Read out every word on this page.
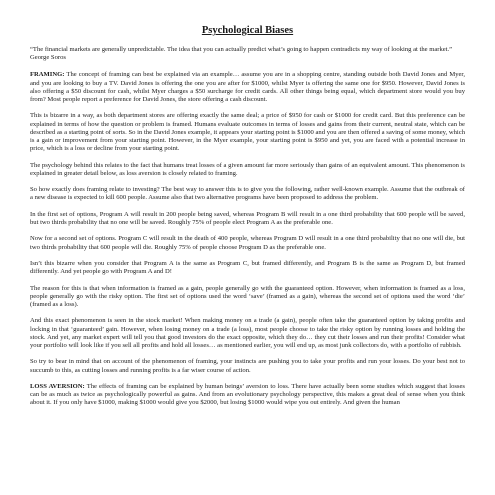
Psychological Biases
“The financial markets are generally unpredictable. The idea that you can actually predict what’s going to happen contradicts my way of looking at the market.” George Soros

FRAMING: The concept of framing can best be explained via an example… assume you are in a shopping centre, standing outside both David Jones and Myer, and you are looking to buy a TV. David Jones is offering the one you are after for $1000, whilst Myer is offering the same one for $950. However, David Jones is also offering a $50 discount for cash, whilst Myer charges a $50 surcharge for credit cards. All other things being equal, which department store would you buy from? Most people report a preference for David Jones, the store offering a cash discount.

This is bizarre in a way, as both department stores are offering exactly the same deal; a price of $950 for cash or $1000 for credit card. But this preference can be explained in terms of how the question or problem is framed. Humans evaluate outcomes in terms of losses and gains from their current, neutral state, which can be described as a starting point of sorts. So in the David Jones example, it appears your starting point is $1000 and you are then offered a saving of some money, which is a gain or improvement from your starting point. However, in the Myer example, your starting point is $950 and yet, you are faced with a potential increase in price, which is a loss or decline from your starting point.

The psychology behind this relates to the fact that humans treat losses of a given amount far more seriously than gains of an equivalent amount. This phenomenon is explained in greater detail below, as loss aversion is closely related to framing.

So how exactly does framing relate to investing? The best way to answer this is to give you the following, rather well-known example. Assume that the outbreak of a new disease is expected to kill 600 people. Assume also that two alternative programs have been proposed to address the problem.

In the first set of options, Program A will result in 200 people being saved, whereas Program B will result in a one third probability that 600 people will be saved, but two thirds probability that no one will be saved. Roughly 75% of people elect Program A as the preferable one.

Now for a second set of options. Program C will result in the death of 400 people, whereas Program D will result in a one third probability that no one will die, but two thirds probability that 600 people will die. Roughly 75% of people choose Program D as the preferable one.

Isn’t this bizarre when you consider that Program A is the same as Program C, but framed differently, and Program B is the same as Program D, but framed differently. And yet people go with Program A and D!

The reason for this is that when information is framed as a gain, people generally go with the guaranteed option. However, when information is framed as a loss, people generally go with the risky option. The first set of options used the word ‘save’ (framed as a gain), whereas the second set of options used the word ‘die’ (framed as a loss).

And this exact phenomenon is seen in the stock market! When making money on a trade (a gain), people often take the guaranteed option by taking profits and locking in that ‘guaranteed’ gain. However, when losing money on a trade (a loss), most people choose to take the risky option by running losses and holding the stock. And yet, any market expert will tell you that good investors do the exact opposite, which they do… they cut their losses and run their profits! Consider what your portfolio will look like if you sell all profits and hold all losses… as mentioned earlier, you will end up, as most junk collectors do, with a portfolio of rubbish.

So try to bear in mind that on account of the phenomenon of framing, your instincts are pushing you to take your profits and run your losses. Do your best not to succumb to this, as cutting losses and running profits is a far wiser course of action.

LOSS AVERSION: The effects of framing can be explained by human beings’ aversion to loss. There have actually been some studies which suggest that losses can be as much as twice as psychologically powerful as gains. And from an evolutionary psychology perspective, this makes a great deal of sense when you think about it. If you only have $1000, making $1000 would give you $2000, but losing $1000 would wipe you out entirely. And given the human
